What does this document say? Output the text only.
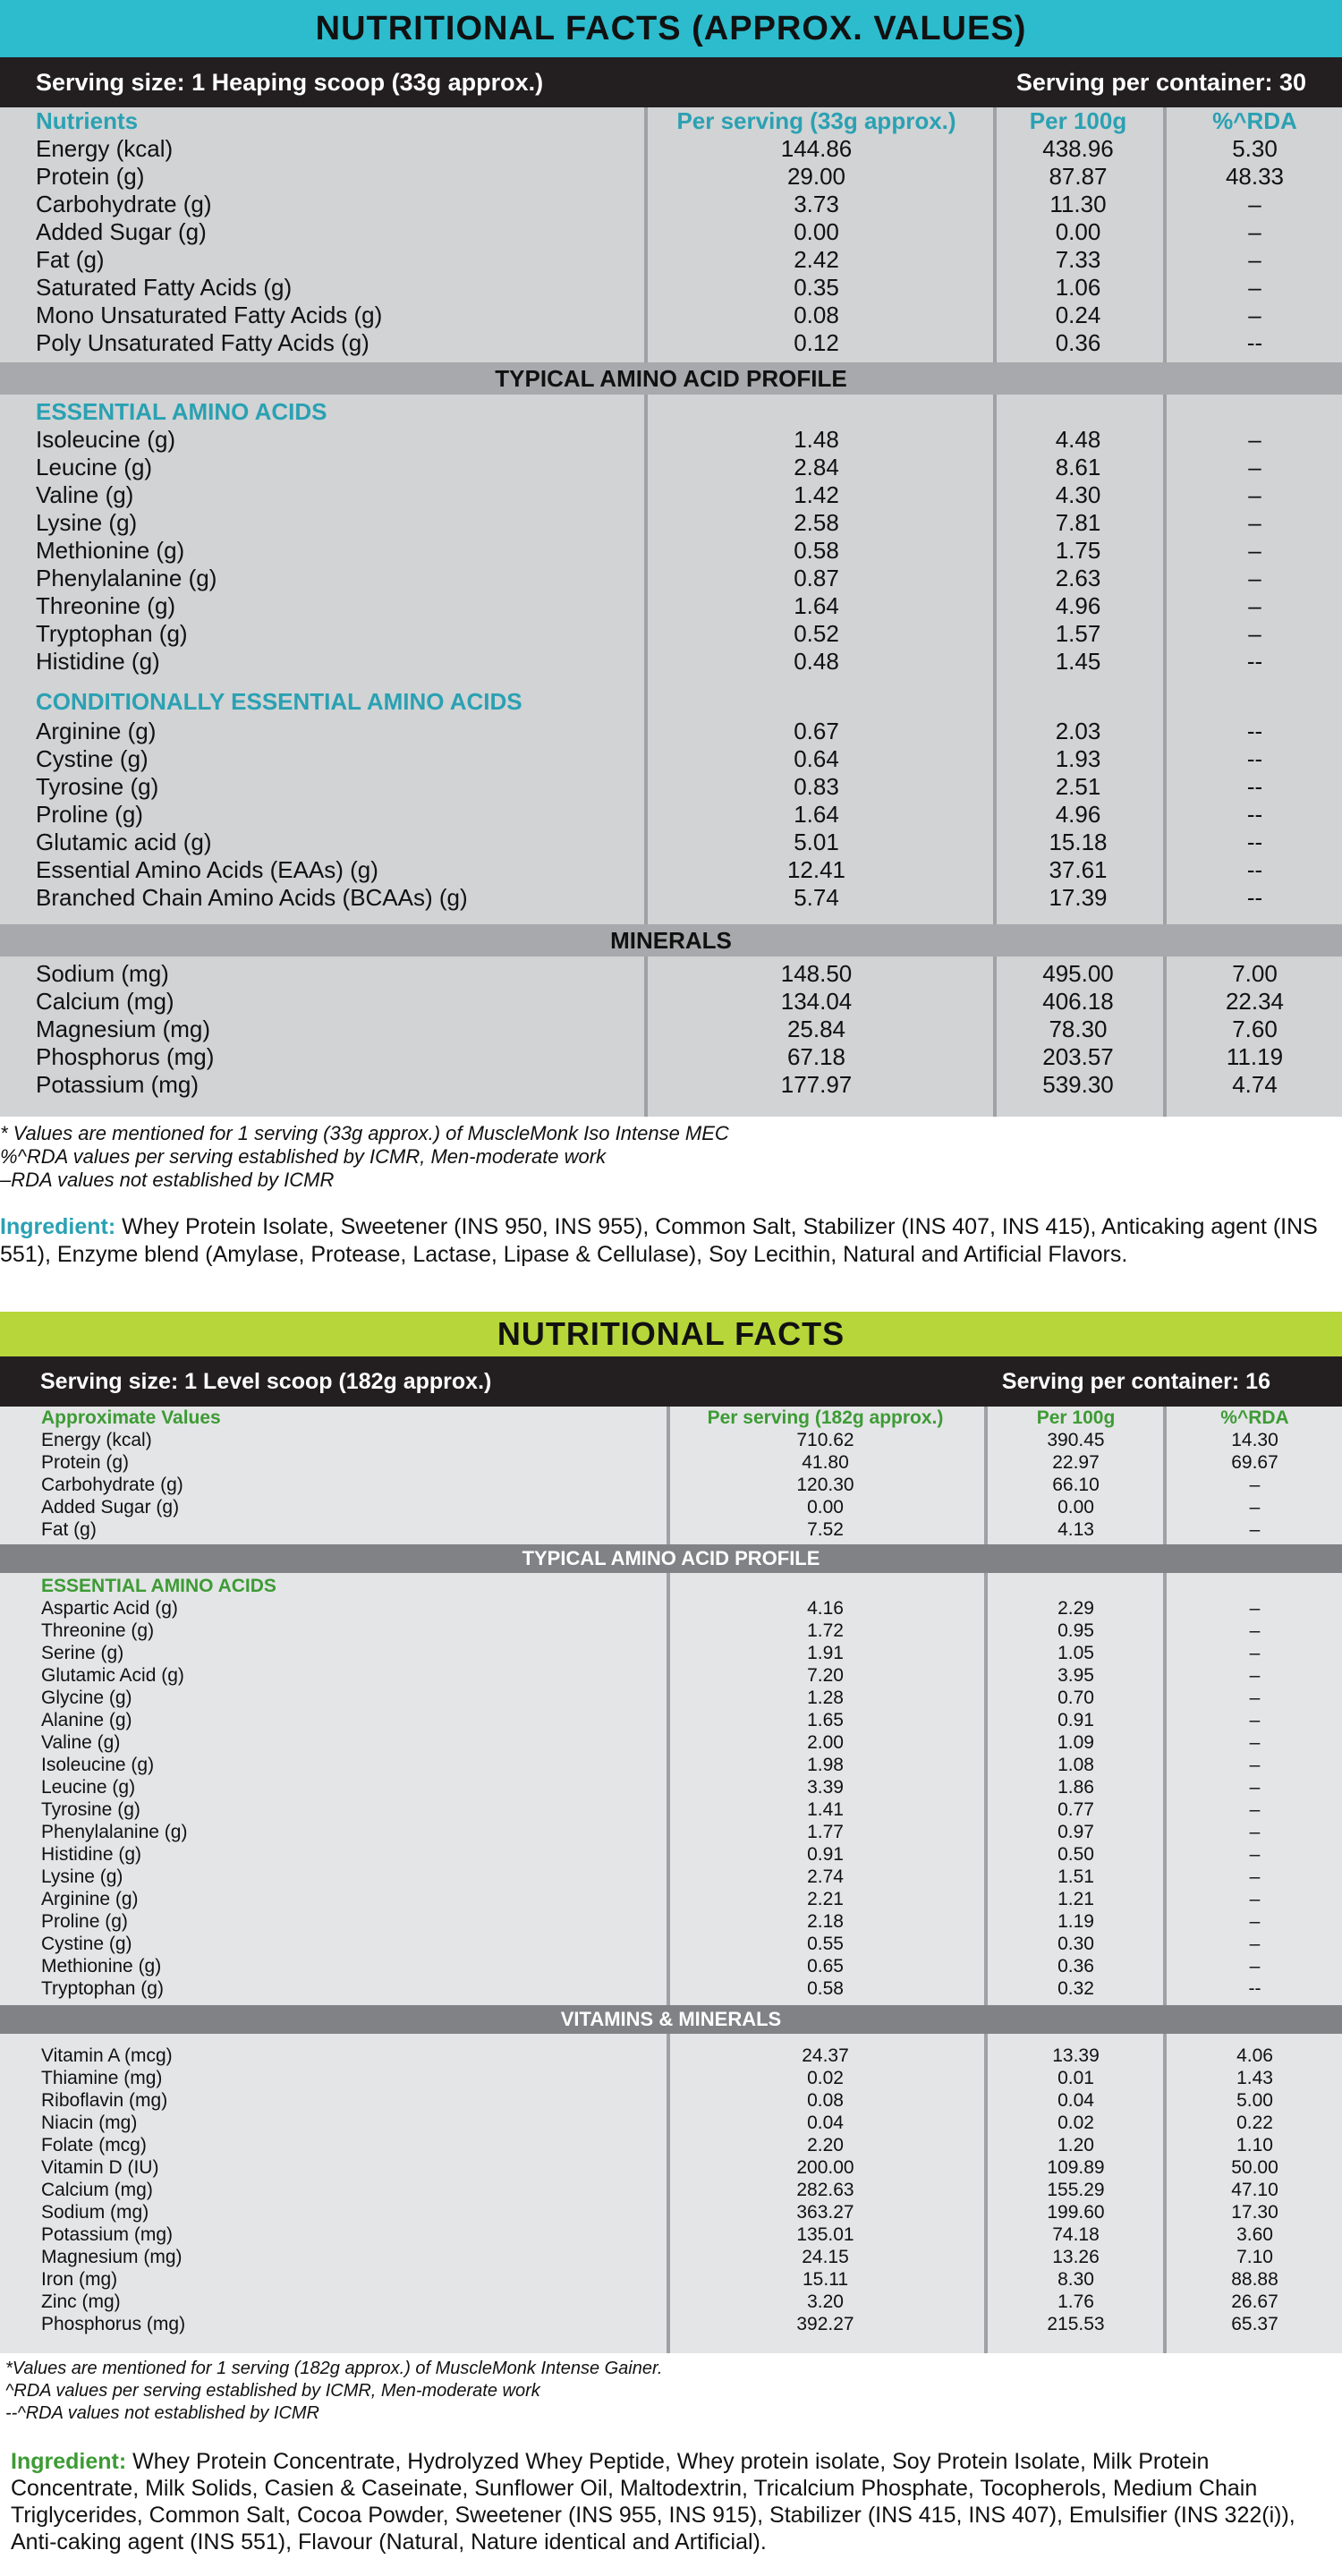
NUTRITIONAL FACTS (APPROX. VALUES)
Serving size: 1 Heaping scoop (33g approx.)	Serving per container: 30
Nutrients	Per serving (33g approx.)	Per 100g	%^RDA
Energy (kcal)	144.86	438.96	5.30
Protein (g)	29.00	87.87	48.33
Carbohydrate (g)	3.73	11.30	–
Added Sugar (g)	0.00	0.00	–
Fat (g)	2.42	7.33	–
Saturated Fatty Acids (g)	0.35	1.06	–
Mono Unsaturated Fatty Acids (g)	0.08	0.24	–
Poly Unsaturated Fatty Acids (g)	0.12	0.36	--
TYPICAL AMINO ACID PROFILE
ESSENTIAL AMINO ACIDS
Isoleucine (g)	1.48	4.48	–
Leucine (g)	2.84	8.61	–
Valine (g)	1.42	4.30	–
Lysine (g)	2.58	7.81	–
Methionine (g)	0.58	1.75	–
Phenylalanine (g)	0.87	2.63	–
Threonine (g)	1.64	4.96	–
Tryptophan (g)	0.52	1.57	–
Histidine (g)	0.48	1.45	--
CONDITIONALLY ESSENTIAL AMINO ACIDS
Arginine (g)	0.67	2.03	--
Cystine (g)	0.64	1.93	--
Tyrosine (g)	0.83	2.51	--
Proline (g)	1.64	4.96	--
Glutamic acid (g)	5.01	15.18	--
Essential Amino Acids (EAAs) (g)	12.41	37.61	--
Branched Chain Amino Acids (BCAAs) (g)	5.74	17.39	--
MINERALS
Sodium (mg)	148.50	495.00	7.00
Calcium (mg)	134.04	406.18	22.34
Magnesium (mg)	25.84	78.30	7.60
Phosphorus (mg)	67.18	203.57	11.19
Potassium (mg)	177.97	539.30	4.74
* Values are mentioned for 1 serving (33g approx.) of MuscleMonk Iso Intense MEC
%^RDA values per serving established by ICMR, Men-moderate work
–RDA values not established by ICMR
Ingredient: Whey Protein Isolate, Sweetener (INS 950, INS 955), Common Salt, Stabilizer (INS 407, INS 415), Anticaking agent (INS 551), Enzyme blend (Amylase, Protease, Lactase, Lipase & Cellulase), Soy Lecithin, Natural and Artificial Flavors.
NUTRITIONAL FACTS
Serving size: 1 Level scoop (182g approx.)	Serving per container: 16
Approximate Values	Per serving (182g approx.)	Per 100g	%^RDA
Energy (kcal)	710.62	390.45	14.30
Protein (g)	41.80	22.97	69.67
Carbohydrate (g)	120.30	66.10	–
Added Sugar (g)	0.00	0.00	–
Fat (g)	7.52	4.13	–
TYPICAL AMINO ACID PROFILE
ESSENTIAL AMINO ACIDS
Aspartic Acid (g)	4.16	2.29	–
Threonine (g)	1.72	0.95	–
Serine (g)	1.91	1.05	–
Glutamic Acid (g)	7.20	3.95	–
Glycine (g)	1.28	0.70	–
Alanine (g)	1.65	0.91	–
Valine (g)	2.00	1.09	–
Isoleucine (g)	1.98	1.08	–
Leucine (g)	3.39	1.86	–
Tyrosine (g)	1.41	0.77	–
Phenylalanine (g)	1.77	0.97	–
Histidine (g)	0.91	0.50	–
Lysine (g)	2.74	1.51	–
Arginine (g)	2.21	1.21	–
Proline (g)	2.18	1.19	–
Cystine (g)	0.55	0.30	–
Methionine (g)	0.65	0.36	–
Tryptophan (g)	0.58	0.32	--
VITAMINS & MINERALS
Vitamin A (mcg)	24.37	13.39	4.06
Thiamine (mg)	0.02	0.01	1.43
Riboflavin (mg)	0.08	0.04	5.00
Niacin (mg)	0.04	0.02	0.22
Folate (mcg)	2.20	1.20	1.10
Vitamin D (IU)	200.00	109.89	50.00
Calcium (mg)	282.63	155.29	47.10
Sodium (mg)	363.27	199.60	17.30
Potassium (mg)	135.01	74.18	3.60
Magnesium (mg)	24.15	13.26	7.10
Iron (mg)	15.11	8.30	88.88
Zinc (mg)	3.20	1.76	26.67
Phosphorus (mg)	392.27	215.53	65.37
*Values are mentioned for 1 serving (182g approx.) of MuscleMonk Intense Gainer.
^RDA values per serving established by ICMR, Men-moderate work
--^RDA values not established by ICMR
Ingredient: Whey Protein Concentrate, Hydrolyzed Whey Peptide, Whey protein isolate, Soy Protein Isolate, Milk Protein Concentrate, Milk Solids, Casien & Caseinate, Sunflower Oil, Maltodextrin, Tricalcium Phosphate, Tocopherols, Medium Chain Triglycerides, Common Salt, Cocoa Powder, Sweetener (INS 955, INS 915), Stabilizer (INS 415, INS 407), Emulsifier (INS 322(i)), Anti-caking agent (INS 551), Flavour (Natural, Nature identical and Artificial).
